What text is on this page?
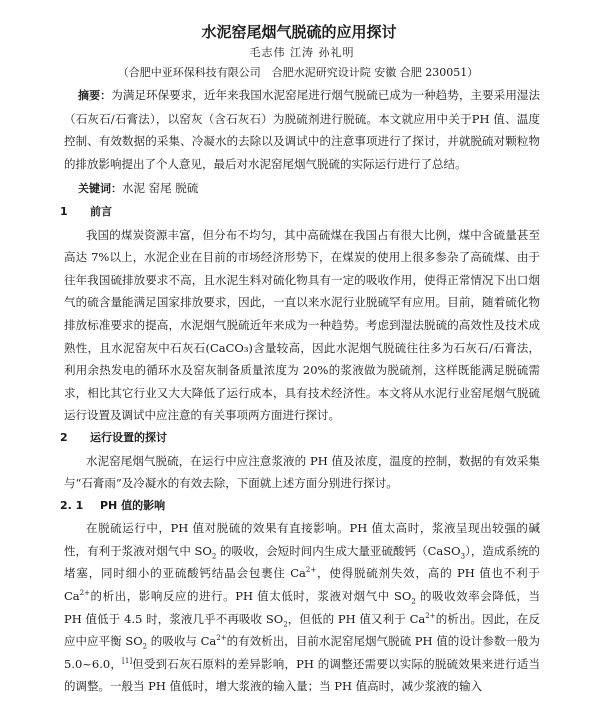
水泥窑尾烟气脱硫的应用探讨
毛志伟 江涛 孙礼明
（合肥中亚环保科技有限公司　合肥水泥研究设计院 安徽 合肥 230051）
摘要：为满足环保要求，近年来我国水泥窑尾进行烟气脱硫已成为一种趋势，主要采用湿法（石灰石/石膏法），以窑灰（含石灰石）为脱硫剂进行脱硫。本文就应用中关于PH 值、温度控制、有效数据的采集、冷凝水的去除以及调试中的注意事项进行了探讨，并就脱硫对颗粒物的排放影响提出了个人意见，最后对水泥窑尾烟气脱硫的实际运行进行了总结。
关键词：水泥 窑尾 脱硫
1 前言
我国的煤炭资源丰富，但分布不均匀，其中高硫煤在我国占有很大比例，煤中含硫量甚至高达 7%以上，水泥企业在目前的市场经济形势下，在煤炭的使用上很多参杂了高硫煤、由于往年我国硫排放要求不高，且水泥生料对硫化物具有一定的吸收作用，使得正常情况下出口烟气的硫含量能满足国家排放要求，因此，一直以来水泥行业脱硫罕有应用。目前，随着硫化物排放标准要求的提高，水泥烟气脱硫近年来成为一种趋势。考虑到湿法脱硫的高效性及技术成熟性，且水泥窑灰中石灰石(CaCO₃)含量较高，因此水泥烟气脱硫往往多为石灰石/石膏法，利用余热发电的循环水及窑灰制备质量浓度为 20%的浆液做为脱硫剂，这样既能满足脱硫需求，相比其它行业又大大降低了运行成本，具有技术经济性。本文将从水泥行业窑尾烟气脱硫运行设置及调试中应注意的有关事项两方面进行探讨。
2 运行设置的探讨
水泥窑尾烟气脱硫，在运行中应注意浆液的 PH 值及浓度，温度的控制，数据的有效采集与“石膏雨”及冷凝水的有效去除，下面就上述方面分别进行探讨。
2. 1 PH 值的影响
在脱硫运行中，PH 值对脱硫的效果有直接影响。PH 值太高时，浆液呈现出较强的碱性，有利于浆液对烟气中 $SO_2$ 的吸收，会短时间内生成大量亚硫酸钙（CaSO$_3$），造成系统的堵塞，同时细小的亚硫酸钙结晶会包裹住 $Ca^{2+}$，使得脱硫剂失效，高的 PH 值也不利于 $Ca^{2+}$的析出，影响反应的进行。PH 值太低时，浆液对烟气中 $SO_2$ 的吸收效率会降低，当 PH 值低于 4.5 时，浆液几乎不再吸收 $SO_2$，但低的 PH 值又利于 $Ca^{2+}$的析出。因此，在反应中应平衡 $SO_2$ 的吸收与 $Ca^{2+}$的有效析出，目前水泥窑尾烟气脱硫 PH 值的设计参数一般为 5.0~6.0，[1]但受到石灰石原料的差异影响，PH 的调整还需要以实际的脱硫效果来进行适当的调整。一般当 PH 值低时，增大浆液的输入量；当 PH 值高时，减少浆液的输入
